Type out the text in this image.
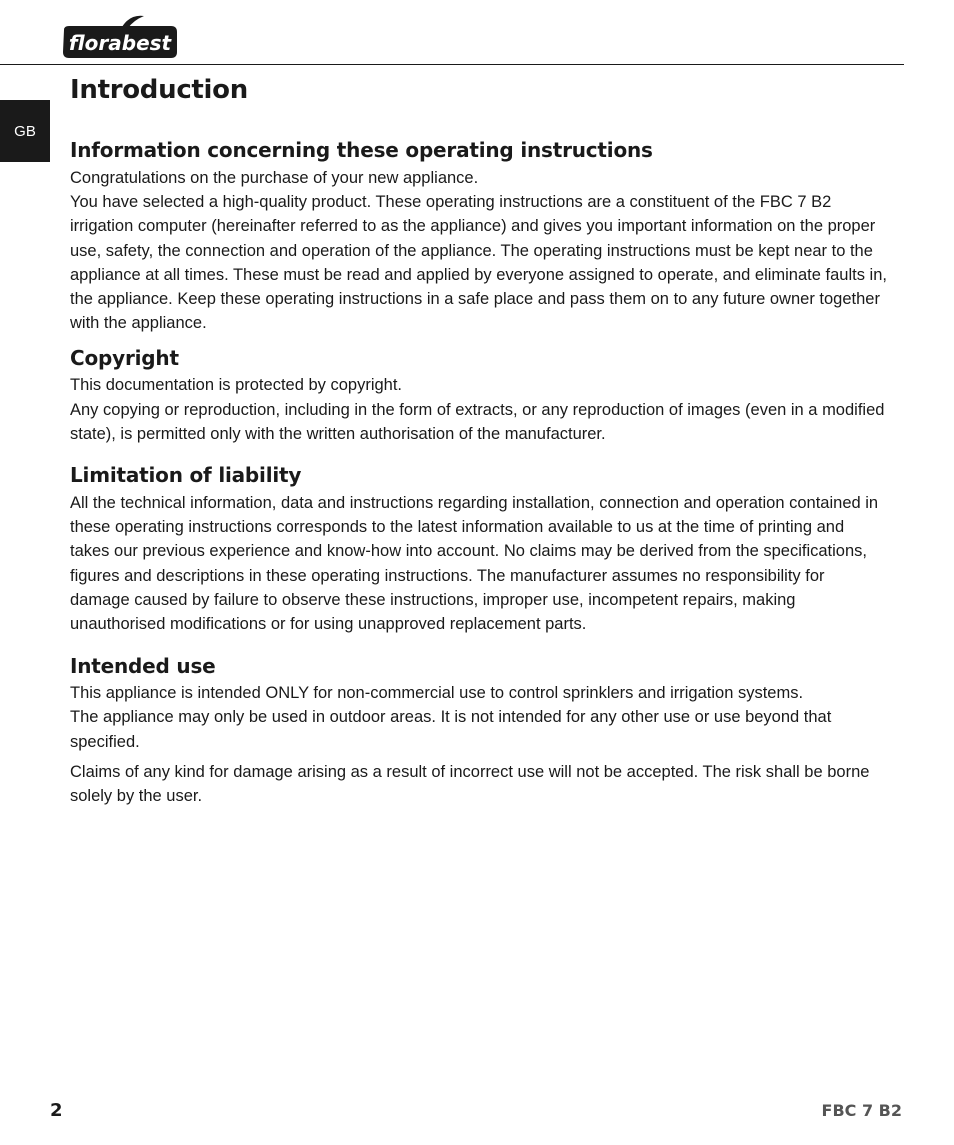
florabest
GB
Introduction
Information concerning these operating instructions

Congratulations on the purchase of your new appliance.

You have selected a high-quality product. These operating instructions are a constituent of the FBC 7 B2 irrigation computer (hereinafter referred to as the appliance) and gives you important information on the proper use, safety, the connection and operation of the appliance. The operating instructions must be kept near to the appliance at all times. These must be read and applied by everyone assigned to operate, and eliminate faults in, the appliance. Keep these operating instructions in a safe place and pass them on to any future owner together with the appliance.

Copyright

This documentation is protected by copyright.

Any copying or reproduction, including in the form of extracts, or any reproduction of images (even in a modified state), is permitted only with the written authorisation of the manufacturer.

Limitation of liability

All the technical information, data and instructions regarding installation, connection and operation contained in these operating instructions corresponds to the latest information available to us at the time of printing and takes our previous experience and know-how into account. No claims may be derived from the specifications, figures and descriptions in these operating instructions. The manufacturer assumes no responsibility for damage caused by failure to observe these instructions, improper use, incompetent repairs, making unauthorised modifications or for using unapproved replacement parts.

Intended use

This appliance is intended ONLY for non-commercial use to control sprinklers and irrigation systems.

The appliance may only be used in outdoor areas. It is not intended for any other use or use beyond that specified.

Claims of any kind for damage arising as a result of incorrect use will not be accepted. The risk shall be borne solely by the user.

2	FBC 7 B2
